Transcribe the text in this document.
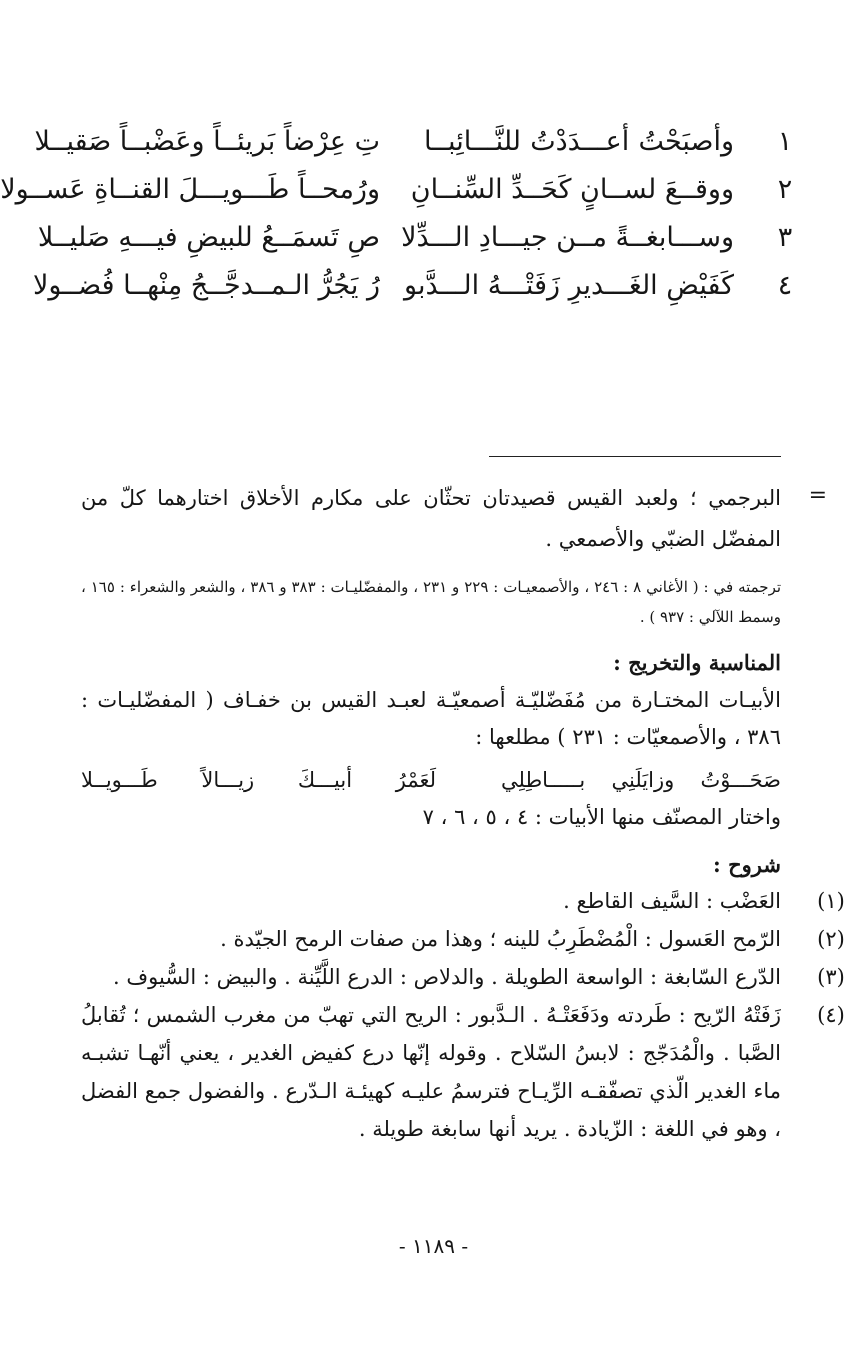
١
وأصبَحْتُ أعـــدَدْتُ للنَّـــائِبــا
تِ عِرْضاً بَريئــاً وعَضْبــاً صَقيــلا
٢
ووقــعَ لســانٍ كَحَــدِّ السِّنــانِ
ورُمحــاً طَـــويـــلَ القنــاةِ عَســولا
٣
وســـابغــةً مــن جيـــادِ الـــدِّلا
صِ تَسمَــعُ للبيضِ فيـــهِ صَليــلا
٤
كَفَيْضِ الغَـــديرِ زَفَتْـــهُ الـــدَّبو
رُ يَجُرُّ الـمــدجَّــجُ مِنْهــا فُضــولا
=

البرجمي ؛ ولعبد القيس قصيدتان تحثّان على مكارم الأخلاق اختارهما كلّ من المفضّل الضبّي والأصمعي .

ترجمته في : ( الأغاني ٨ : ٢٤٦ ، والأصمعيـات : ٢٢٩ و ٢٣١ ، والمفضّليـات : ٣٨٣ و ٣٨٦ ، والشعر والشعراء : ١٦٥ ، وسمط اللآلي : ٩٣٧ ) .

المناسبة والتخريج :

الأبيـات المختـارة من مُفَضّليّـة أصمعيّـة لعبـد القيس بن خفـاف ( المفضّليـات : ٣٨٦ ، والأصمعيّات : ٢٣١ ) مطلعها :

صَحَـــوْتُ وزايَلَنِي بـــــاطِلِي
لَعَمْرُ أبيـــكَ زيـــالاً طَـــويــلا

واختار المصنّف منها الأبيات : ٤ ، ٥ ، ٦ ، ٧

شروح :

(١)

العَضْب : السَّيف القاطع .

(٢)

الرّمح العَسول : الْمُضْطَرِبُ للينه ؛ وهذا من صفات الرمح الجيّدة .

(٣)

الدّرع السّابغة : الواسعة الطويلة . والدلاص : الدرع اللَّيِّنة . والبيض : السُّيوف .

(٤)

زَفَتْهُ الرّيح : طَردته ودَفَعَتْـهُ . الـدَّبور : الريح التي تهبّ من مغرب الشمس ؛ تُقابلُ الصَّبا . والْمُدَجّج : لابسُ السّلاح . وقوله إنّها درع كفيض الغدير ، يعني أنّهـا تشبـه ماء الغدير الّذي تصفّقـه الرِّيـاح فترسمُ عليـه كهيئـة الـدّرع . والفضول جمع الفضل ، وهو في اللغة : الزّيادة . يريد أنها سابغة طويلة .

- ١١٨٩ -
